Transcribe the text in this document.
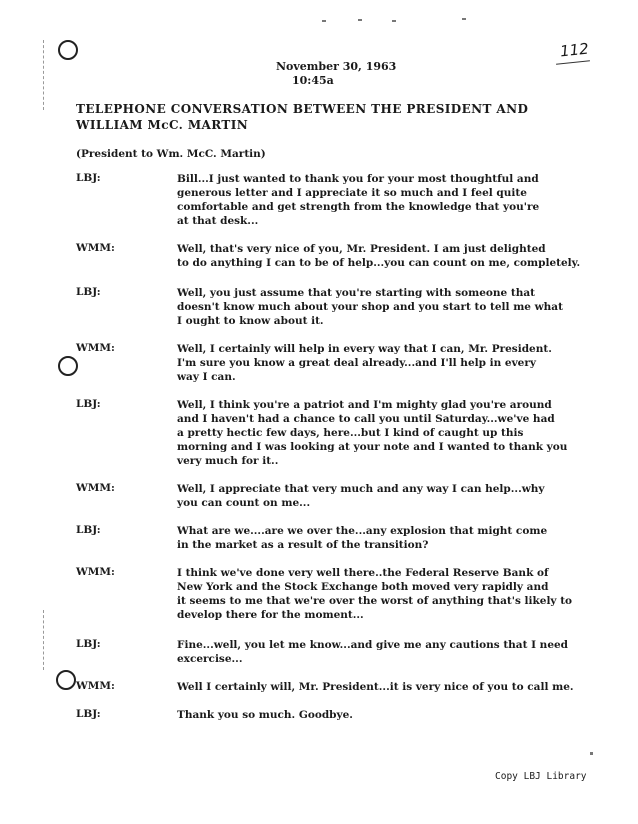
November 30, 1963
10:45a
112
TELEPHONE CONVERSATION BETWEEN THE PRESIDENT AND
WILLIAM McC. MARTIN
(President to Wm. McC. Martin)
LBJ:	Bill...I just wanted to thank you for your most thoughtful and
generous letter and I appreciate it so much and I feel quite
comfortable and get strength from the knowledge that you're
at that desk...
WMM:	Well, that's very nice of you, Mr. President. I am just delighted
to do anything I can to be of help...you can count on me, completely.
LBJ:	Well, you just assume that you're starting with someone that
doesn't know much about your shop and you start to tell me what
I ought to know about it.
WMM:	Well, I certainly will help in every way that I can, Mr. President.
I'm sure you know a great deal already...and I'll help in every
way I can.
LBJ:	Well, I think you're a patriot and I'm mighty glad you're around
and I haven't had a chance to call you until Saturday...we've had
a pretty hectic few days, here...but I kind of caught up this
morning and I was looking at your note and I wanted to thank you
very much for it..
WMM:	Well, I appreciate that very much and any way I can help...why
you can count on me...
LBJ:	What are we....are we over the...any explosion that might come
in the market as a result of the transition?
WMM:	I think we've done very well there..the Federal Reserve Bank of
New York and the Stock Exchange both moved very rapidly and
it seems to me that we're over the worst of anything that's likely to
develop there for the moment...
LBJ:	Fine...well, you let me know...and give me any cautions that I need
excercise...
WMM:	Well I certainly will, Mr. President...it is very nice of you to call me.
LBJ:	Thank you so much. Goodbye.
Copy LBJ Library
